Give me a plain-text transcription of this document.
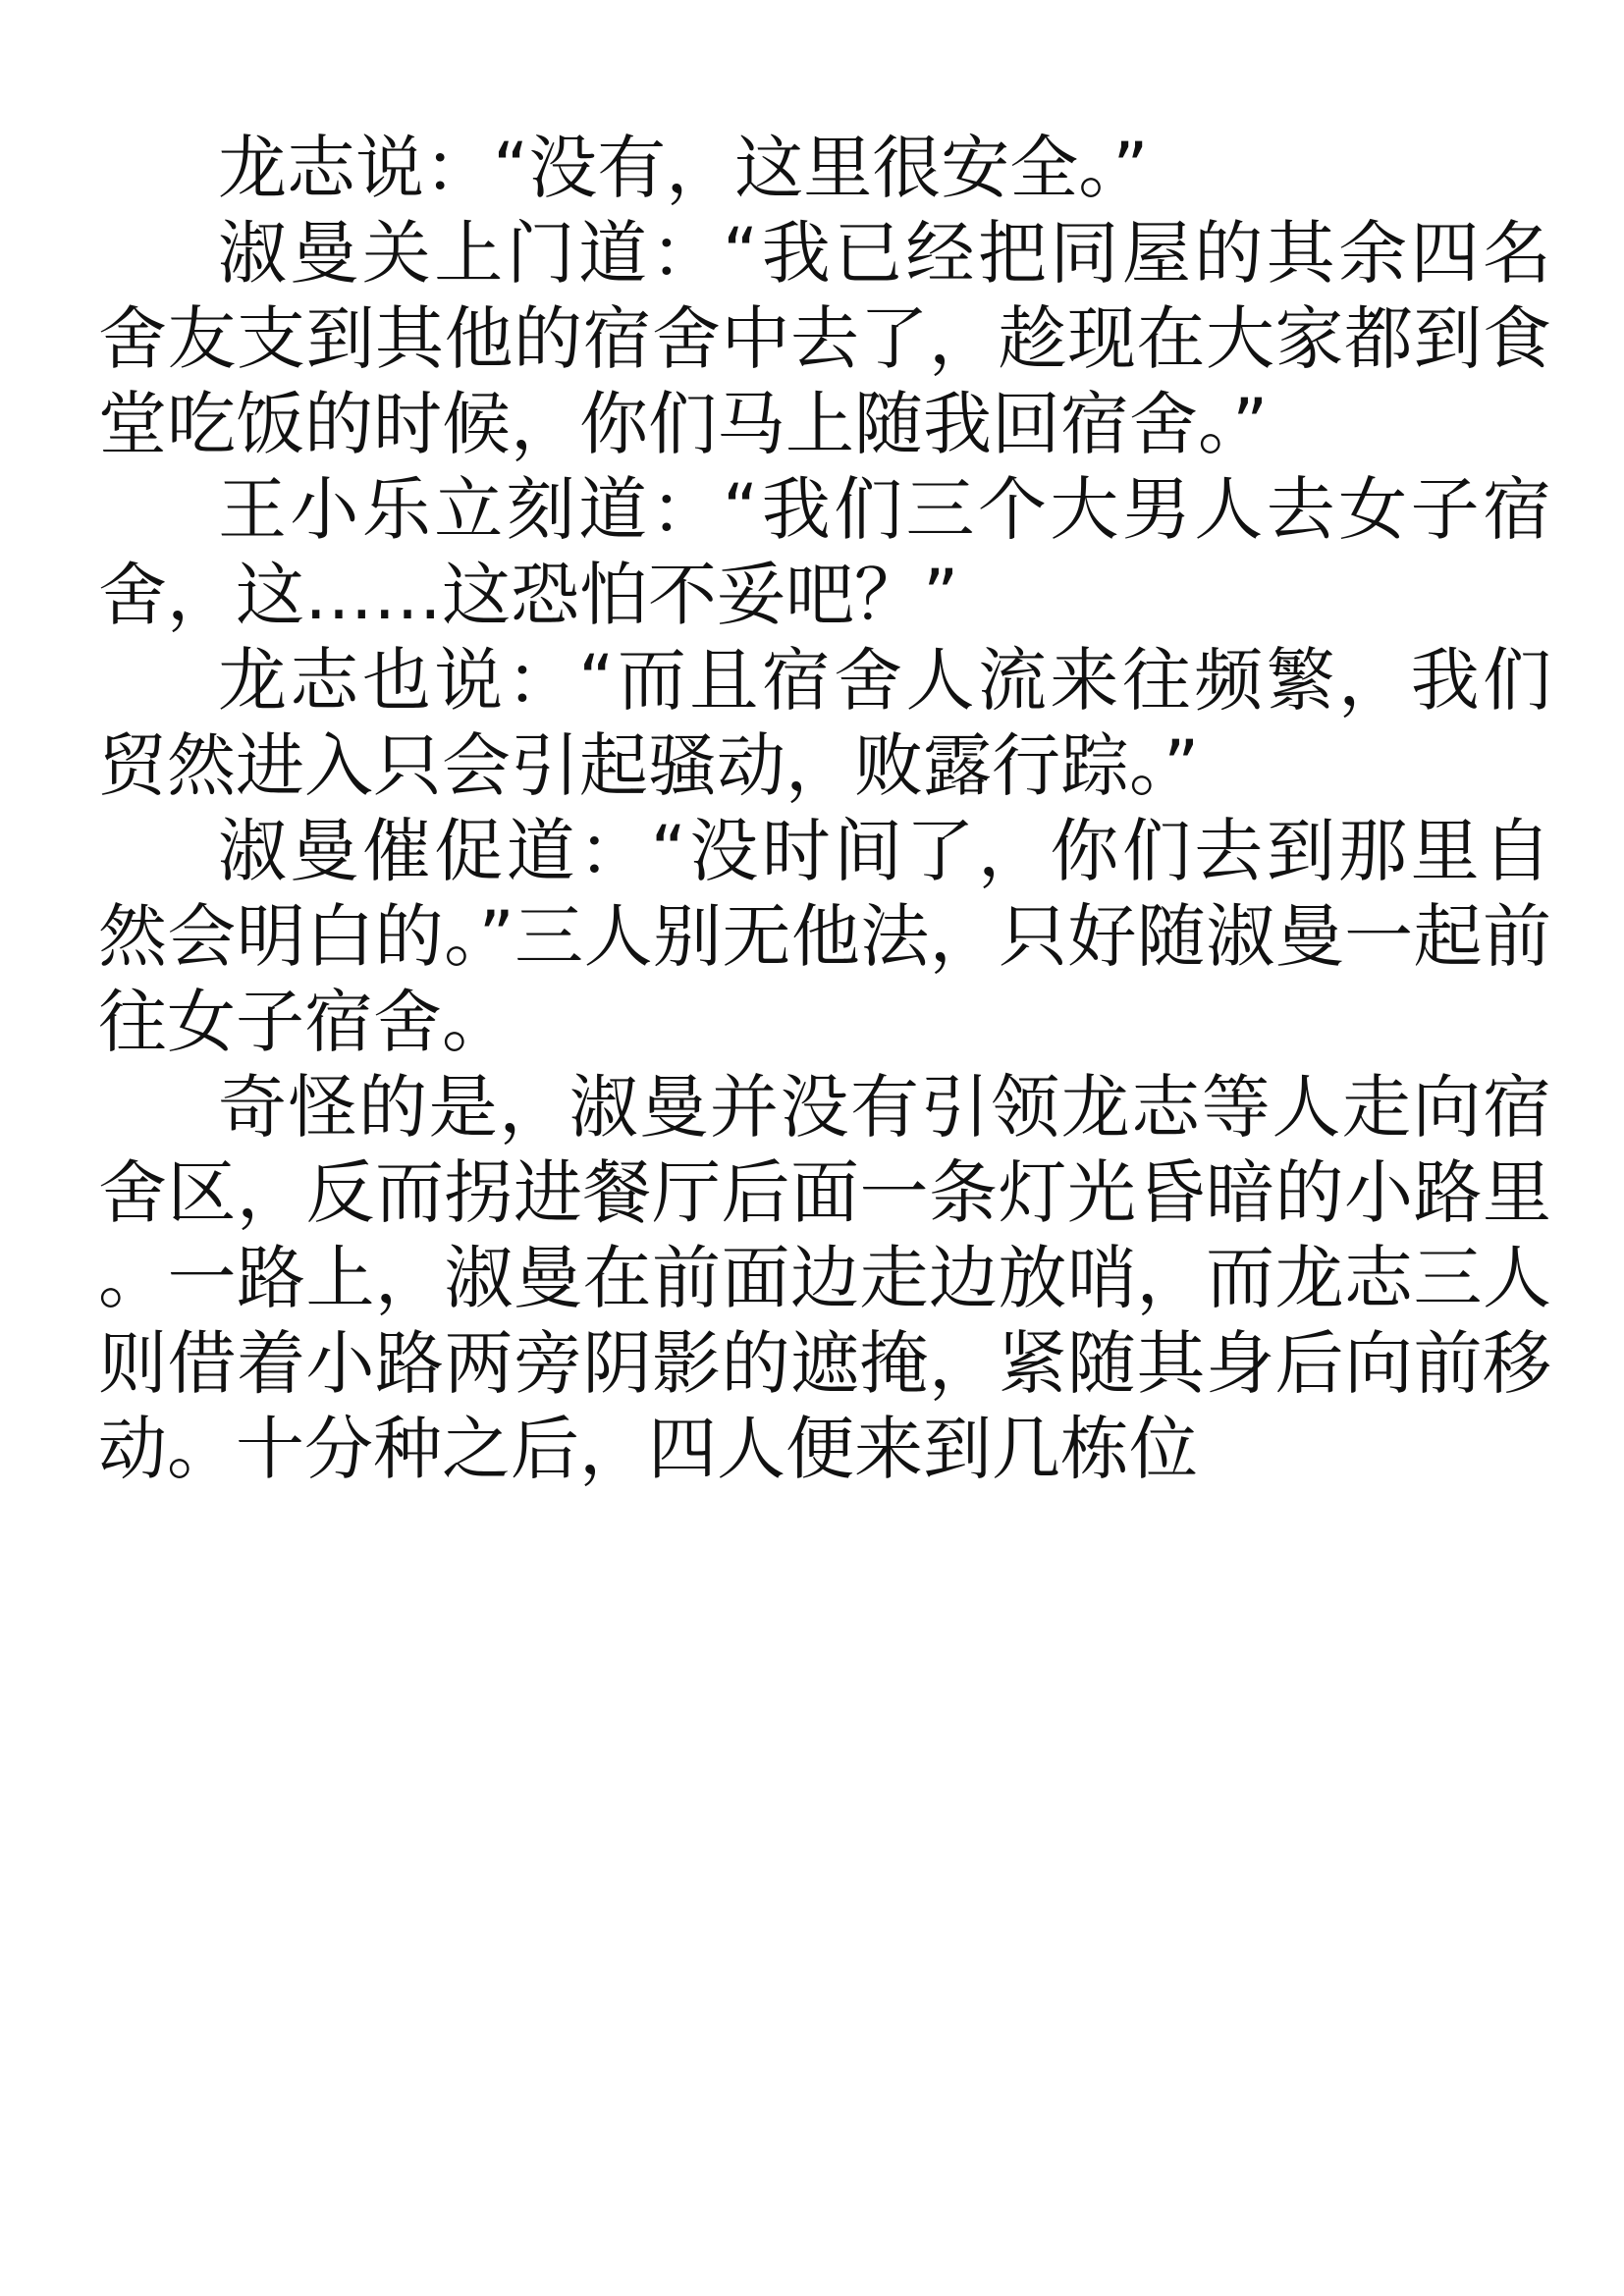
龙志说：“没有，这里很安全。”

淑曼关上门道：“我已经把同屋的其余四名舍友支到其他的宿舍中去了，趁现在大家都到食堂吃饭的时候，你们马上随我回宿舍。”

王小乐立刻道：“我们三个大男人去女子宿舍，这……这恐怕不妥吧？”

龙志也说：“而且宿舍人流来往频繁，我们贸然进入只会引起骚动，败露行踪。”

淑曼催促道：“没时间了，你们去到那里自然会明白的。”三人别无他法，只好随淑曼一起前往女子宿舍。

奇怪的是，淑曼并没有引领龙志等人走向宿舍区，反而拐进餐厅后面一条灯光昏暗的小路里。一路上，淑曼在前面边走边放哨，而龙志三人则借着小路两旁阴影的遮掩，紧随其身后向前移动。十分种之后，四人便来到几栋位
